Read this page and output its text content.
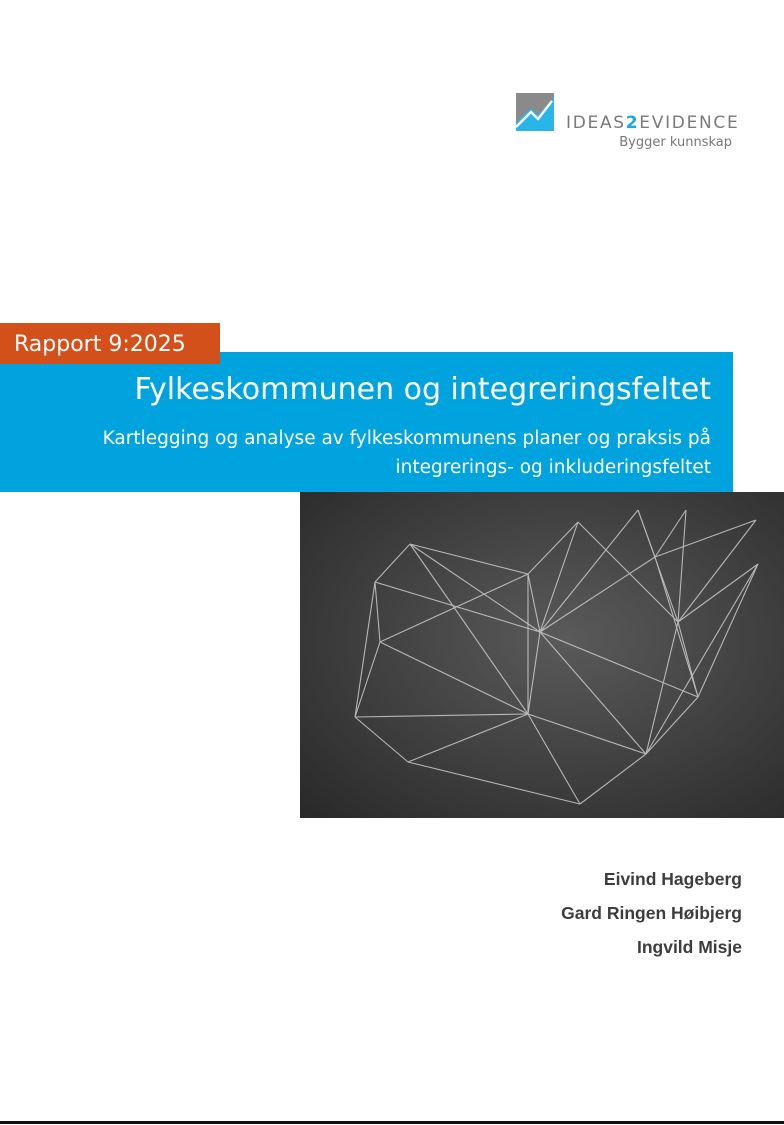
IDEAS2EVIDENCE
Bygger kunnskap
Rapport 9:2025
Fylkeskommunen og integreringsfeltet
Kartlegging og analyse av fylkeskommunens planer og praksis på integrerings- og inkluderingsfeltet
Eivind Hageberg
Gard Ringen Høibjerg
Ingvild Misje
